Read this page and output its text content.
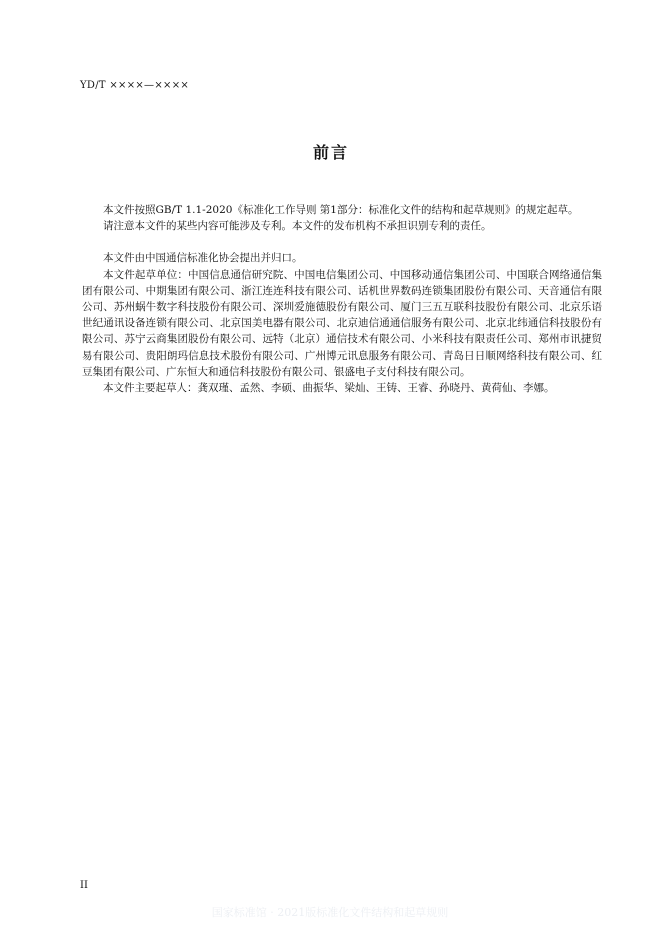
YD/T ××××—××××
前言

本文件按照GB/T 1.1-2020《标准化工作导则 第1部分：标准化文件的结构和起草规则》的规定起草。

请注意本文件的某些内容可能涉及专利。本文件的发布机构不承担识别专利的责任。

本文件由中国通信标准化协会提出并归口。

本文件起草单位：中国信息通信研究院、中国电信集团公司、中国移动通信集团公司、中国联合网络通信集团有限公司、中期集团有限公司、浙江连连科技有限公司、话机世界数码连锁集团股份有限公司、天音通信有限公司、苏州蜗牛数字科技股份有限公司、深圳爱施德股份有限公司、厦门三五互联科技股份有限公司、北京乐语世纪通讯设备连锁有限公司、北京国美电器有限公司、北京迪信通通信服务有限公司、北京北纬通信科技股份有限公司、苏宁云商集团股份有限公司、远特（北京）通信技术有限公司、小米科技有限责任公司、郑州市讯捷贸易有限公司、贵阳朗玛信息技术股份有限公司、广州博元讯息服务有限公司、青岛日日顺网络科技有限公司、红豆集团有限公司、广东恒大和通信科技股份有限公司、银盛电子支付科技有限公司。

本文件主要起草人：龚双瑾、孟然、李硕、曲振华、梁灿、王铸、王睿、孙晓丹、黄荷仙、李娜。

II
国家标准馆 · 2021版标准化文件结构和起草规则
